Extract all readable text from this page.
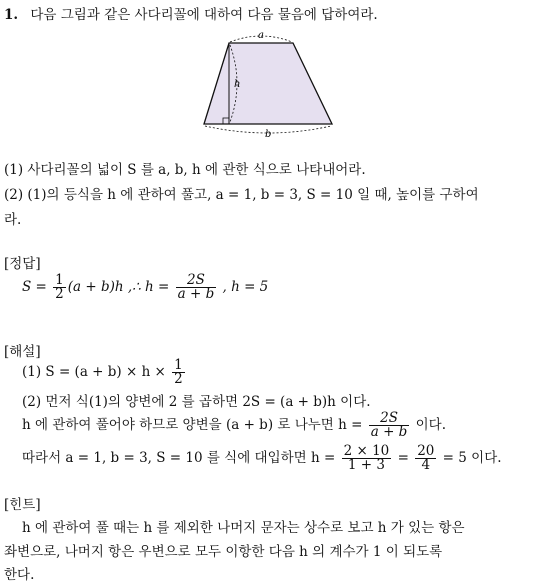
1. 다음 그림과 같은 사다리꼴에 대하여 다음 물음에 답하여라.
a
h
b
(1) 사다리꼴의 넓이 S 를 a, b, h 에 관한 식으로 나타내어라.
(2) (1)의 등식을 h 에 관하여 풀고, a = 1, b = 3, S = 10 일 때, 높이를 구하여
라.
[정답]
$S = \frac{1}{2} (a + b)h$ ,∴ $h = \frac{2S}{a + b}$ , h = 5
[해설]
(1) $S = (a + b) \times h \times \frac{1}{2}$
(2) 먼저 식(1)의 양변에 2 를 곱하면 2S = (a + b)h 이다.
h 에 관하여 풀어야 하므로 양변을 (a + b) 로 나누면 $h = \frac{2S}{a + b}$ 이다.
따라서 a = 1, b = 3, S = 10 를 식에 대입하면 $h = \frac{2 \times 10}{1 + 3} = \frac{20}{4} = 5$ 이다.
[힌트]
h 에 관하여 풀 때는 h 를 제외한 나머지 문자는 상수로 보고 h 가 있는 항은
좌변으로, 나머지 항은 우변으로 모두 이항한 다음 h 의 계수가 1 이 되도록
한다.
